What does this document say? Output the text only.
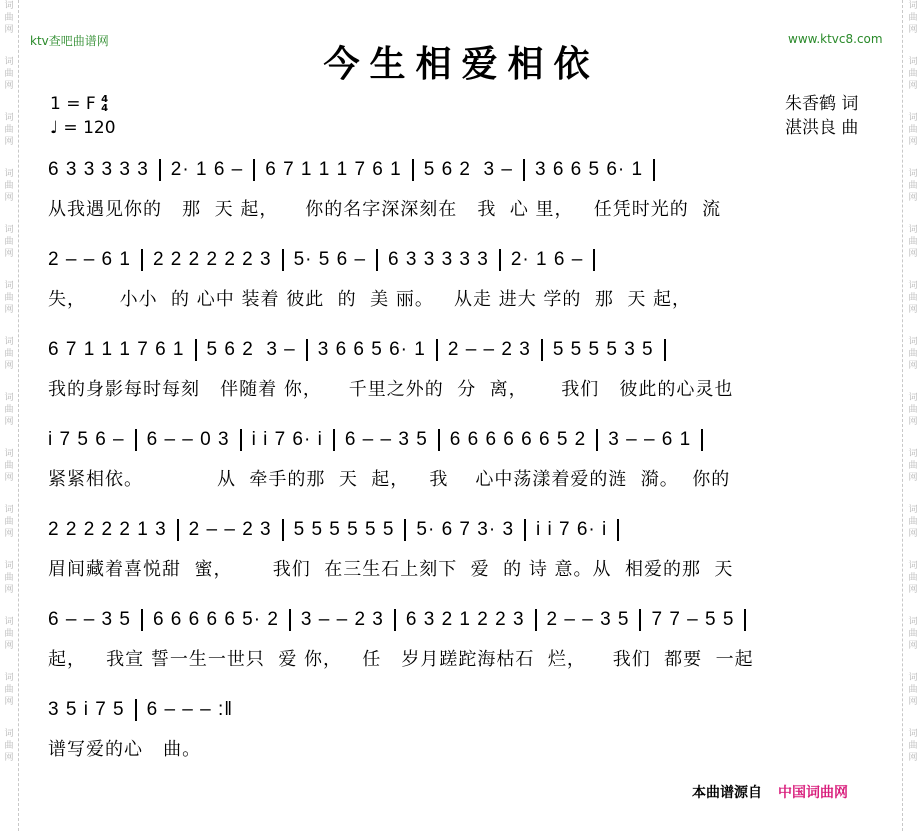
词
曲
网
词
曲
网
词
曲
网
词
曲
网
词
曲
网
词
曲
网
词
曲
网
词
曲
网
词
曲
网
词
曲
网
词
曲
网
词
曲
网
词
曲
网
词
曲
网
词
曲
网
词
曲
网
词
曲
网
词
曲
网
词
曲
网
词
曲
网
词
曲
网
词
曲
网
词
曲
网
词
曲
网
词
曲
网
词
曲
网
词
曲
网
词
曲
网
ktv查吧曲谱网	www.ktvc8.com
今生相爱相依
1 = F 4
4
♩ = 120
朱香鹤 词
湛洪良 曲
6 3 3 3 3 3 2· 1 6 – 6 7 1 1 1 7 6 1 5 6 2  3 – 3 6 6 5 6· 1
从我遇见你的   那  天 起，    你的名字深深刻在   我  心 里，   任凭时光的  流
2 – – 6 1 2 2 2 2 2 2 3 5· 5 6 – 6 3 3 3 3 3 2· 1 6 –
失，     小小  的 心中 装着 彼此  的  美 丽。   从走 进大 学的  那  天 起，
6 7 1 1 1 7 6 1 5 6 2  3 – 3 6 6 5 6· 1 2 – – 2 3 5 5 5 5 3 5
我的身影每时每刻   伴随着 你，    千里之外的  分  离，     我们   彼此的心灵也
i 7 5 6 – 6 – – 0 3 i i 7 6· i 6 – – 3 5 6 6 6 6 6 6 5 2 3 – – 6 1
紧紧相依。           从  牵手的那  天  起，   我    心中荡漾着爱的涟  漪。  你的
2 2 2 2 2 1 3 2 – – 2 3 5 5 5 5 5 5 5· 6 7 3· 3 i i 7 6· i
眉间藏着喜悦甜  蜜，      我们  在三生石上刻下  爱  的 诗 意。从  相爱的那  天
6 – – 3 5 6 6 6 6 6 5· 2 3 – – 2 3 6 3 2 1 2 2 3 2 – – 3 5 7 7 – 5 5
起，   我宣 誓一生一世只  爱 你，   任   岁月蹉跎海枯石  烂，    我们  都要  一起
3 5 i 7 5 6 – – – :‖
谱写爱的心   曲。
本曲谱源自 中国词曲网
